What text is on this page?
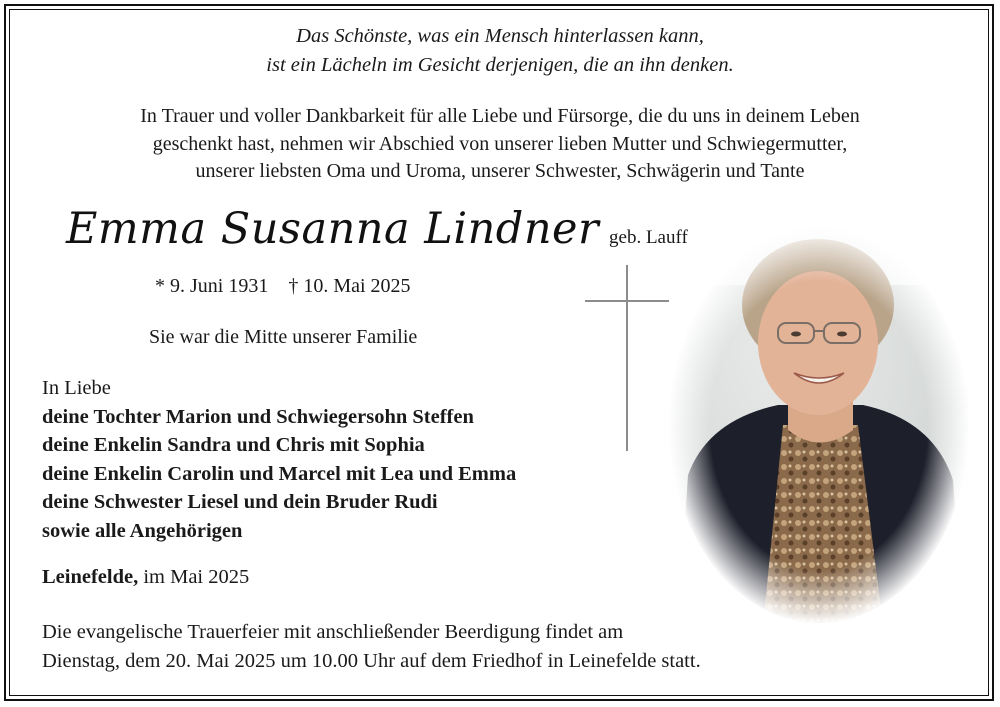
Das Schönste, was ein Mensch hinterlassen kann,
ist ein Lächeln im Gesicht derjenigen, die an ihn denken.
In Trauer und voller Dankbarkeit für alle Liebe und Fürsorge, die du uns in deinem Leben
geschenkt hast, nehmen wir Abschied von unserer lieben Mutter und Schwiegermutter,
unserer liebsten Oma und Uroma, unserer Schwester, Schwägerin und Tante
Emma Susanna Lindner geb. Lauff
* 9. Juni 1931 † 10. Mai 2025
Sie war die Mitte unserer Familie
In Liebe
deine Tochter Marion und Schwiegersohn Steffen
deine Enkelin Sandra und Chris mit Sophia
deine Enkelin Carolin und Marcel mit Lea und Emma
deine Schwester Liesel und dein Bruder Rudi
sowie alle Angehörigen
Leinefelde, im Mai 2025
Die evangelische Trauerfeier mit anschließender Beerdigung findet am
Dienstag, dem 20. Mai 2025 um 10.00 Uhr auf dem Friedhof in Leinefelde statt.
